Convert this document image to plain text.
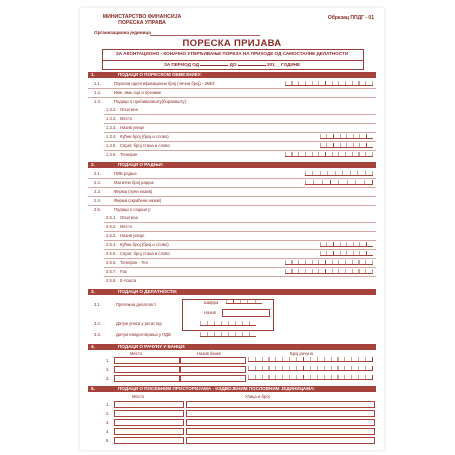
МИНИСТАРСТВО ФИНАНСИЈА
ПОРЕСКА УПРАВА
Образац ППДГ - 01
Организациона јединица
ПОРЕСКА ПРИЈАВА
ЗА АКОНТАЦИОНО - КОНАЧНО УТВРЂИВАЊЕ ПОРЕЗА НА ПРИХОДЕ ОД САМОСТАЛНЕ ДЕЛАТНОСТИ
ЗА ПЕРИОД ОД	ДО	201__ ГОДИНЕ
1.	ПОДАЦИ О ПОРЕСКОМ ОБВЕЗНИКУ:
1.1.	Порески идентификациони број (лични број) - ЈМБГ
1.2.	Име, име оца и презиме
1.3.	Подаци о пребивалишту(боравишту):
1.3.1. Општина
1.3.2. Место
1.3.3. Назив улице
1.3.4. Кућни број (број и слово)
1.3.5. Спрат, број стана и слово
1.3.6. Телефон
2.	ПОДАЦИ О РАДЊИ:
2.1.	ПИБ радње
2.2.	Матични број радње
2.3.	Фирма (пуни назив)
2.4.	Фирма (скраћени назив)
2.5.	Подаци о седишту:
2.5.1. Општина
2.5.2. Место
2.5.3. Назив улице
2.5.4. Кућни број (број и слово)
2.5.5. Спрат, број стана и слово
2.5.6. Телефон - Тел
2.5.7. Fax
2.5.8. Е-пошта
3.	ПОДАЦИ О ДЕЛАТНОСТИ:
3.1.	Претежна делатност	Шифра
Назив
3.2.	Датум уписа у регистар
3.3.	Датум евидентирања у ПДВ
4.	ПОДАЦИ О РАЧУНУ У БАНЦИ:
Место	Назив банке	Број рачуна
1.
2.
3.
5.	ПОДАЦИ О ПОСЕБНИМ ПРОСТОРИЈАМА - ИЗДВОЈЕНИМ ПОСЛОВНИМ ЈЕДИНИЦАМА:
Место	Улица и број
1.
2.
3.
4.
5.
